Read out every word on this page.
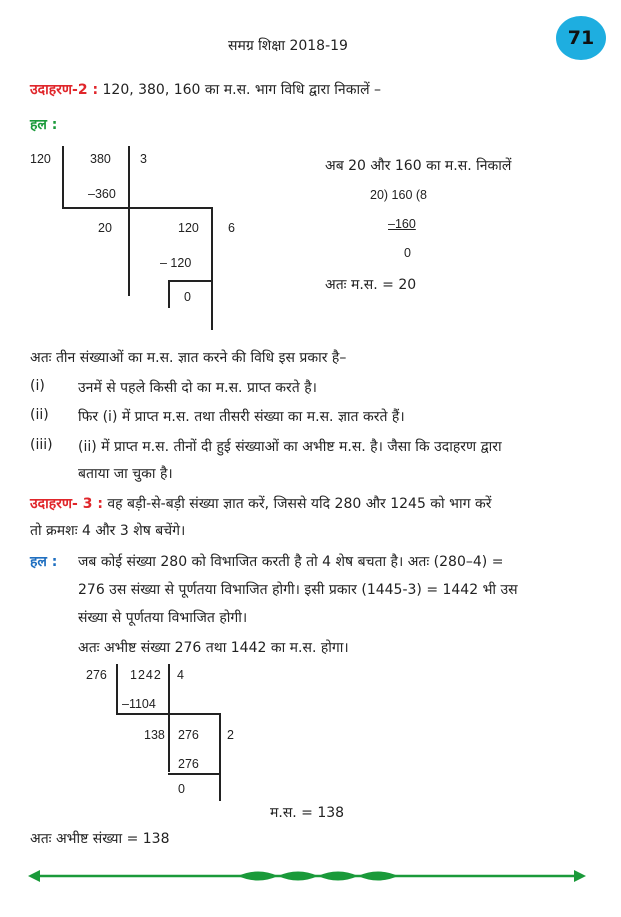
समग्र शिक्षा 2018-19	71
उदाहरण-2 : 120, 380, 160 का म.स. भाग विधि द्वारा निकालें –
हल :
120	380 3
–360
20	120 6
– 120
0
अब 20 और 160 का म.स. निकालें
20) 160 (8
–160
0
अतः म.स. = 20
अतः तीन संख्याओं का म.स. ज्ञात करने की विधि इस प्रकार है–
(i) उनमें से पहले किसी दो का म.स. प्राप्त करते है।
(ii) फिर (i) में प्राप्त म.स. तथा तीसरी संख्या का म.स. ज्ञात करते हैं।
(iii) (ii) में प्राप्त म.स. तीनों दी हुई संख्याओं का अभीष्ट म.स. है। जैसा कि उदाहरण द्वारा
बताया जा चुका है।
उदाहरण- 3 : वह बड़ी-से-बड़ी संख्या ज्ञात करें, जिससे यदि 280 और 1245 को भाग करें
तो क्रमशः 4 और 3 शेष बचेंगे।
हल : जब कोई संख्या 280 को विभाजित करती है तो 4 शेष बचता है। अतः (280–4) =
276 उस संख्या से पूर्णतया विभाजित होगी। इसी प्रकार (1445-3) = 1442 भी उस
संख्या से पूर्णतया विभाजित होगी।
अतः अभीष्ट संख्या 276 तथा 1442 का म.स. होगा।
276 1242 4
–1104
138 276 2
276
0
म.स. = 138
अतः अभीष्ट संख्या = 138
